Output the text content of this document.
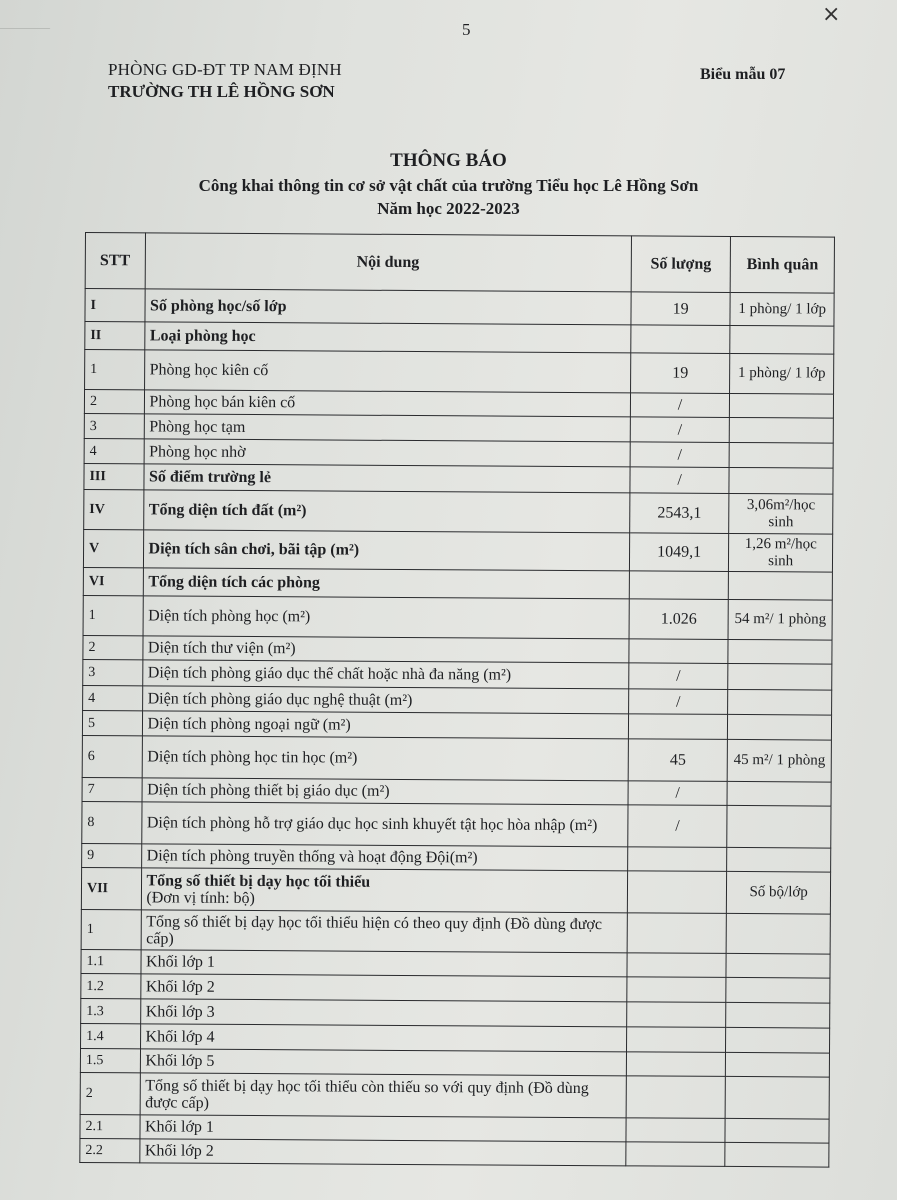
5
×
PHÒNG GD-ĐT TP NAM ĐỊNH
TRƯỜNG TH LÊ HỒNG SƠN
Biểu mẫu 07
THÔNG BÁO
Công khai thông tin cơ sở vật chất của trường Tiểu học Lê Hồng Sơn
Năm học 2022-2023
STT	Nội dung	Số lượng	Bình quân
I	Số phòng học/số lớp	19	1 phòng/ 1 lớp
II	Loại phòng học		

1	Phòng học kiên cố	19	1 phòng/ 1 lớp
2	Phòng học bán kiên cố	/	
3	Phòng học tạm	/	
4	Phòng học nhờ	/	
III	Số điểm trường lẻ	/	
IV	Tổng diện tích đất (m²)	2543,1	3,06m²/học sinh
V	Diện tích sân chơi, bãi tập (m²)	1049,1	1,26 m²/học sinh
VI	Tổng diện tích các phòng		

1	Diện tích phòng học (m²)	1.026	54 m²/ 1 phòng
2	Diện tích thư viện (m²)		

3	Diện tích phòng giáo dục thể chất hoặc nhà đa năng (m²)	/	
4	Diện tích phòng giáo dục nghệ thuật (m²)	/	
5	Diện tích phòng ngoại ngữ (m²)		

6	Diện tích phòng học tin học (m²)	45	45 m²/ 1 phòng
7	Diện tích phòng thiết bị giáo dục (m²)	/	
8	Diện tích phòng hỗ trợ giáo dục học sinh khuyết tật học hòa nhập (m²)	/	
9	Diện tích phòng truyền thống và hoạt động Đội(m²)		

VII	Tổng số thiết bị dạy học tối thiểu
(Đơn vị tính: bộ)		Số bộ/lớp
1	Tổng số thiết bị dạy học tối thiểu hiện có theo quy định (Đồ dùng được cấp)		

1.1	Khối lớp 1		

1.2	Khối lớp 2		

1.3	Khối lớp 3		

1.4	Khối lớp 4		

1.5	Khối lớp 5		

2	Tổng số thiết bị dạy học tối thiểu còn thiếu so với quy định (Đồ dùng được cấp)		

2.1	Khối lớp 1		

2.2	Khối lớp 2		
